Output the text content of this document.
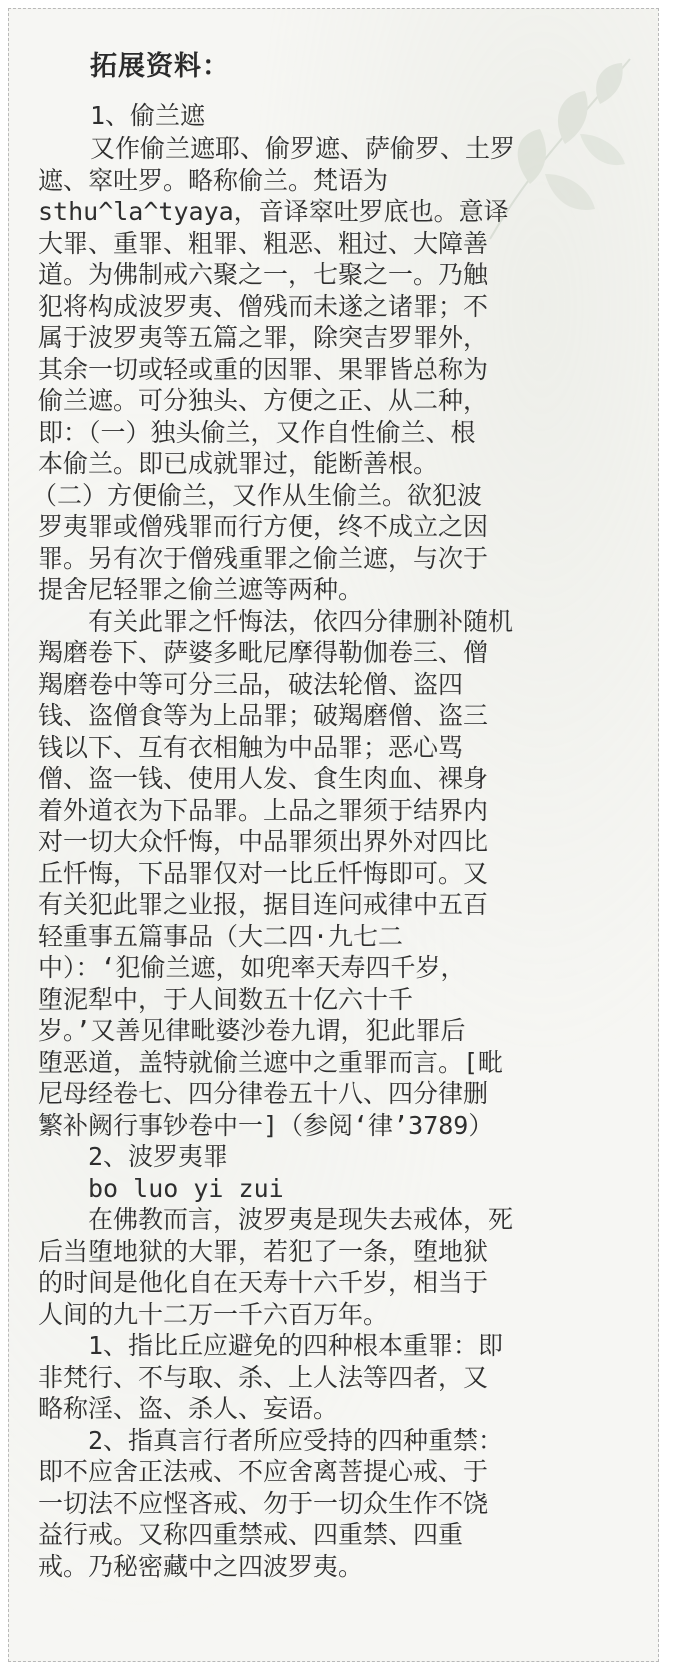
拓展资料：
1、偷兰遮
又作偷兰遮耶、偷罗遮、萨偷罗、土罗
遮、窣吐罗。略称偷兰。梵语为
sthu^la^tyaya，音译窣吐罗底也。意译
大罪、重罪、粗罪、粗恶、粗过、大障善
道。为佛制戒六聚之一，七聚之一。乃触
犯将构成波罗夷、僧残而未遂之诸罪；不
属于波罗夷等五篇之罪，除突吉罗罪外，
其余一切或轻或重的因罪、果罪皆总称为
偷兰遮。可分独头、方便之正、从二种，
即：（一）独头偷兰，又作自性偷兰、根
本偷兰。即已成就罪过，能断善根。
（二）方便偷兰，又作从生偷兰。欲犯波
罗夷罪或僧残罪而行方便，终不成立之因
罪。另有次于僧残重罪之偷兰遮，与次于
提舍尼轻罪之偷兰遮等两种。
有关此罪之忏悔法，依四分律删补随机
羯磨卷下、萨婆多毗尼摩得勒伽卷三、僧
羯磨卷中等可分三品，破法轮僧、盗四
钱、盗僧食等为上品罪；破羯磨僧、盗三
钱以下、互有衣相触为中品罪；恶心骂
僧、盗一钱、使用人发、食生肉血、裸身
着外道衣为下品罪。上品之罪须于结界内
对一切大众忏悔，中品罪须出界外对四比
丘忏悔，下品罪仅对一比丘忏悔即可。又
有关犯此罪之业报，据目连问戒律中五百
轻重事五篇事品（大二四·九七二
中）：‘犯偷兰遮，如兜率天寿四千岁，
堕泥犁中，于人间数五十亿六十千
岁。’又善见律毗婆沙卷九谓，犯此罪后
堕恶道，盖特就偷兰遮中之重罪而言。[毗
尼母经卷七、四分律卷五十八、四分律删
繁补阙行事钞卷中一]（参阅‘律’3789）
2、波罗夷罪
bo luo yi zui
在佛教而言，波罗夷是现失去戒体，死
后当堕地狱的大罪，若犯了一条，堕地狱
的时间是他化自在天寿十六千岁，相当于
人间的九十二万一千六百万年。
1、指比丘应避免的四种根本重罪：即
非梵行、不与取、杀、上人法等四者，又
略称淫、盗、杀人、妄语。
2、指真言行者所应受持的四种重禁：
即不应舍正法戒、不应舍离菩提心戒、于
一切法不应悭吝戒、勿于一切众生作不饶
益行戒。又称四重禁戒、四重禁、四重
戒。乃秘密藏中之四波罗夷。
